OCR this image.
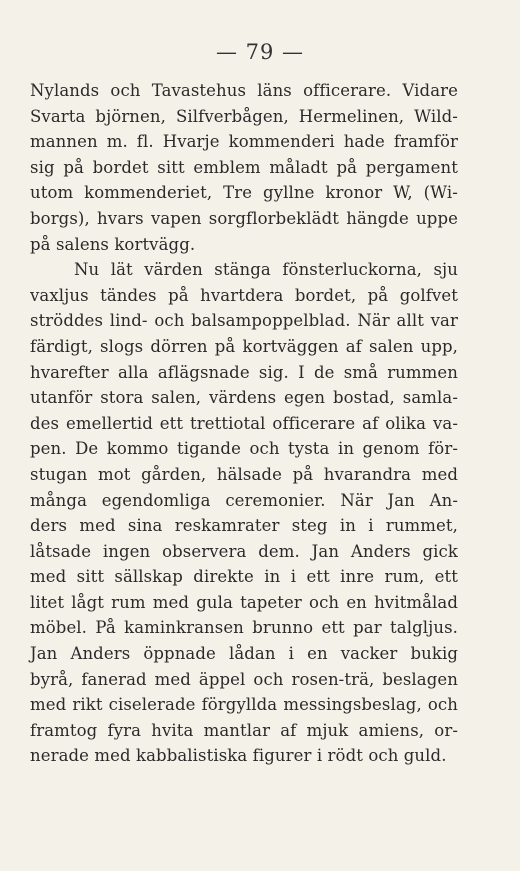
— 79 —
Nylands och Tavastehus läns officerare. Vidare
Svarta björnen, Silfverbågen, Hermelinen, Wild-
mannen m. fl. Hvarje kommenderi hade framför
sig på bordet sitt emblem måladt på pergament
utom kommenderiet, Tre gyllne kronor W, (Wi-
borgs), hvars vapen sorgflorbeklädt hängde uppe
på salens kortvägg.
Nu lät värden stänga fönsterluckorna, sju
vaxljus tändes på hvartdera bordet, på golfvet
ströddes lind- och balsampoppelblad. När allt var
färdigt, slogs dörren på kortväggen af salen upp,
hvarefter alla aflägsnade sig. I de små rummen
utanför stora salen, värdens egen bostad, samla-
des emellertid ett trettiotal officerare af olika va-
pen. De kommo tigande och tysta in genom för-
stugan mot gården, hälsade på hvarandra med
många egendomliga ceremonier. När Jan An-
ders med sina reskamrater steg in i rummet,
låtsade ingen observera dem. Jan Anders gick
med sitt sällskap direkte in i ett inre rum, ett
litet lågt rum med gula tapeter och en hvitmålad
möbel. På kaminkransen brunno ett par talgljus.
Jan Anders öppnade lådan i en vacker bukig
byrå, fanerad med äppel och rosen-trä, beslagen
med rikt ciselerade förgyllda messingsbeslag, och
framtog fyra hvita mantlar af mjuk amiens, or-
nerade med kabbalistiska figurer i rödt och guld.
